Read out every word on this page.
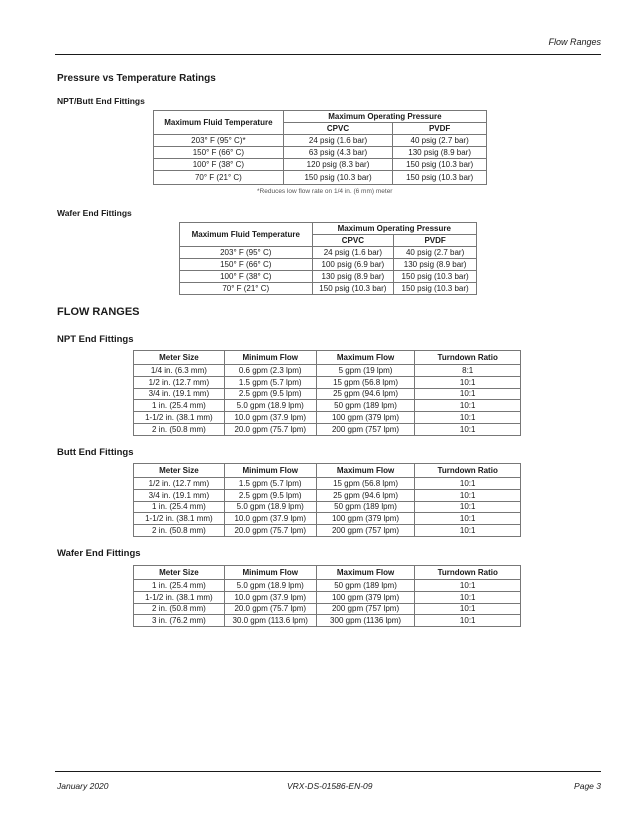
Flow Ranges
Pressure vs Temperature Ratings
NPT/Butt End Fittings
Maximum Fluid Temperature	Maximum Operating Pressure	
	CPVC	PVDF
203° F (95° C)*	24 psig (1.6 bar)	40 psig (2.7 bar)
150° F (66° C)	63 psig (4.3 bar)	130 psig (8.9 bar)
100° F (38° C)	120 psig (8.3 bar)	150 psig (10.3 bar)
70° F (21° C)	150 psig (10.3 bar)	150 psig (10.3 bar)
*Reduces low flow rate on 1/4 in. (6 mm) meter
Wafer End Fittings
Maximum Fluid Temperature	Maximum Operating Pressure	
	CPVC	PVDF
203° F (95° C)	24 psig (1.6 bar)	40 psig (2.7 bar)
150° F (66° C)	100 psig (6.9 bar)	130 psig (8.9 bar)
100° F (38° C)	130 psig (8.9 bar)	150 psig (10.3 bar)
70° F (21° C)	150 psig (10.3 bar)	150 psig (10.3 bar)
FLOW RANGES
NPT End Fittings
Meter Size	Minimum Flow	Maximum Flow	Turndown Ratio
1/4 in. (6.3 mm)	0.6 gpm (2.3 lpm)	5 gpm (19 lpm)	8:1
1/2 in. (12.7 mm)	1.5 gpm (5.7 lpm)	15 gpm (56.8 lpm)	10:1
3/4 in. (19.1 mm)	2.5 gpm (9.5 lpm)	25 gpm (94.6 lpm)	10:1
1 in. (25.4 mm)	5.0 gpm (18.9 lpm)	50 gpm (189 lpm)	10:1
1-1/2 in. (38.1 mm)	10.0 gpm (37.9 lpm)	100 gpm (379 lpm)	10:1
2 in. (50.8 mm)	20.0 gpm (75.7 lpm)	200 gpm (757 lpm)	10:1
Butt End Fittings
Meter Size	Minimum Flow	Maximum Flow	Turndown Ratio
1/2 in. (12.7 mm)	1.5 gpm (5.7 lpm)	15 gpm (56.8 lpm)	10:1
3/4 in. (19.1 mm)	2.5 gpm (9.5 lpm)	25 gpm (94.6 lpm)	10:1
1 in. (25.4 mm)	5.0 gpm (18.9 lpm)	50 gpm (189 lpm)	10:1
1-1/2 in. (38.1 mm)	10.0 gpm (37.9 lpm)	100 gpm (379 lpm)	10:1
2 in. (50.8 mm)	20.0 gpm (75.7 lpm)	200 gpm (757 lpm)	10:1
Wafer End Fittings
Meter Size	Minimum Flow	Maximum Flow	Turndown Ratio
1 in. (25.4 mm)	5.0 gpm (18.9 lpm)	50 gpm (189 lpm)	10:1
1-1/2 in. (38.1 mm)	10.0 gpm (37.9 lpm)	100 gpm (379 lpm)	10:1
2 in. (50.8 mm)	20.0 gpm (75.7 lpm)	200 gpm (757 lpm)	10:1
3 in. (76.2 mm)	30.0 gpm (113.6 lpm)	300 gpm (1136 lpm)	10:1
January 2020	VRX-DS-01586-EN-09	Page 3
